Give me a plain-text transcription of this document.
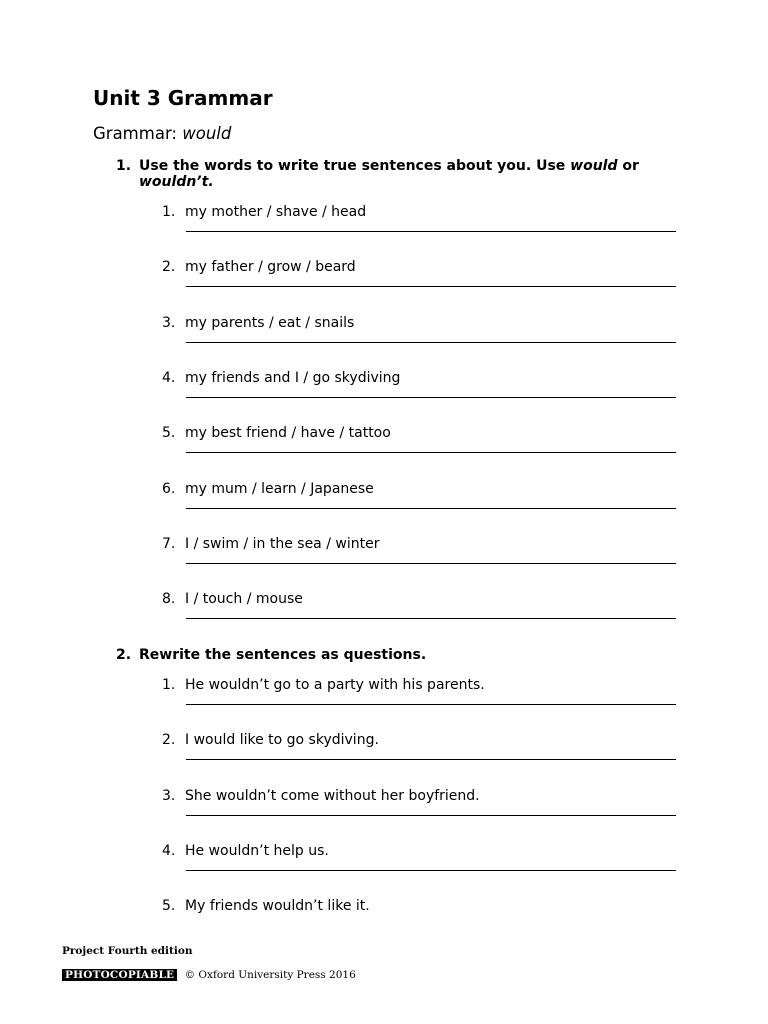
Unit 3 Grammar

Grammar: would

1. Use the words to write true sentences about you. Use would or
wouldn’t.
1. my mother / shave / head
2. my father / grow / beard
3. my parents / eat / snails
4. my friends and I / go skydiving
5. my best friend / have / tattoo
6. my mum / learn / Japanese
7. I / swim / in the sea / winter
8. I / touch / mouse
2. Rewrite the sentences as questions.
1. He wouldn’t go to a party with his parents.
2. I would like to go skydiving.
3. She wouldn’t come without her boyfriend.
4. He wouldn’t help us.
5. My friends wouldn’t like it.
Project Fourth edition
PHOTOCOPIABLE © Oxford University Press 2016
